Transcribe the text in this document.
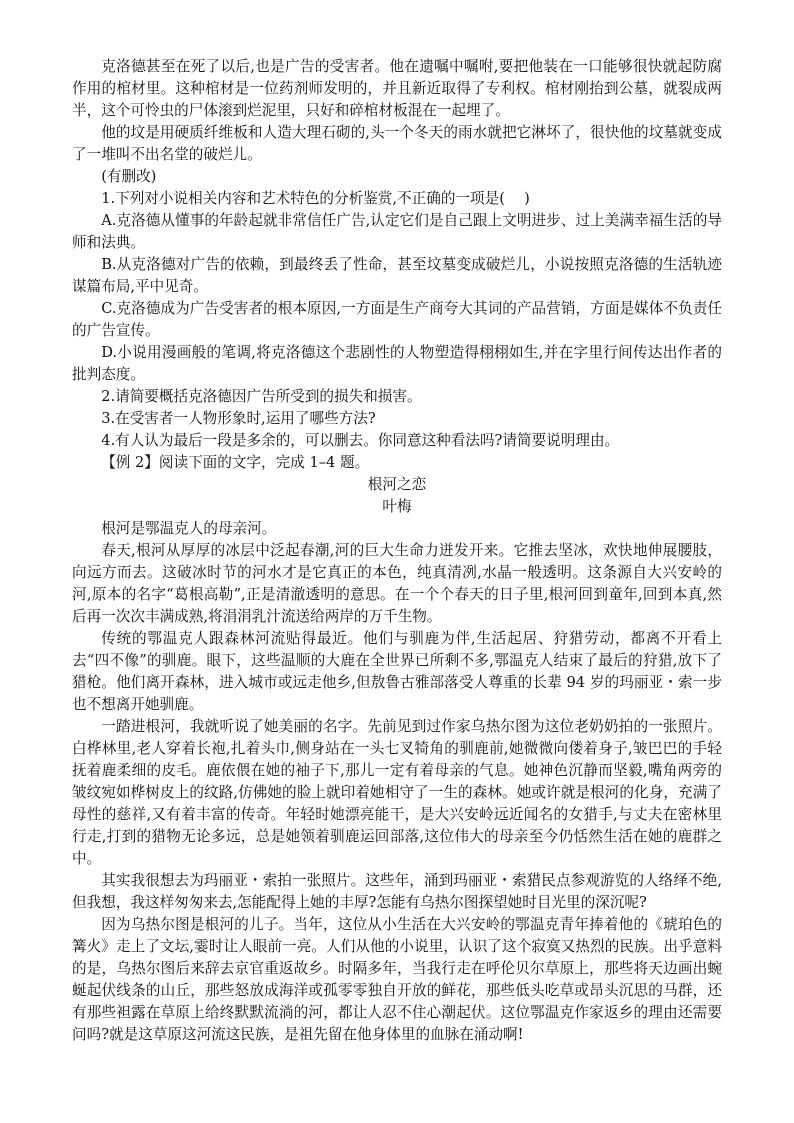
克洛德甚至在死了以后,也是广告的受害者。他在遗嘱中嘱咐,要把他装在一口能够很快就起防腐作用的棺材里。这种棺材是一位药剂师发明的，并且新近取得了专利权。棺材刚抬到公墓，就裂成两半，这个可怜虫的尸体滚到烂泥里，只好和碎棺材板混在一起埋了。

他的坟是用硬质纤维板和人造大理石砌的,头一个冬天的雨水就把它淋坏了，很快他的坟墓就变成了一堆叫不出名堂的破烂儿。

(有删改)

1.下列对小说相关内容和艺术特色的分析鉴赏,不正确的一项是(　 )

A.克洛德从懂事的年龄起就非常信任广告,认定它们是自己跟上文明进步、过上美满幸福生活的导师和法典。

B.从克洛德对广告的依赖，到最终丢了性命，甚至坟墓变成破烂儿，小说按照克洛德的生活轨迹谋篇布局,平中见奇。

C.克洛德成为广告受害者的根本原因,一方面是生产商夸大其词的产品营销，方面是媒体不负责任的广告宣传。

D.小说用漫画般的笔调,将克洛德这个悲剧性的人物塑造得栩栩如生,并在字里行间传达出作者的批判态度。

2.请简要概括克洛德因广告所受到的损失和损害。

3.在受害者一人物形象时,运用了哪些方法?

4.有人认为最后一段是多余的，可以删去。你同意这种看法吗?请简要说明理由。

【例 2】阅读下面的文字，完成 1–4 题。

根河之恋

叶梅

根河是鄂温克人的母亲河。

春天,根河从厚厚的冰层中泛起春潮,河的巨大生命力迸发开来。它推去坚冰，欢快地伸展腰肢，向远方而去。这破冰时节的河水才是它真正的本色，纯真清冽,水晶一般透明。这条源自大兴安岭的河,原本的名字“葛根高勒”,正是清澈透明的意思。在一个个春天的日子里,根河回到童年,回到本真,然后再一次次丰满成熟,将涓涓乳汁流送给两岸的万千生物。

传统的鄂温克人跟森林河流贴得最近。他们与驯鹿为伴,生活起居、狩猎劳动，都离不开看上去“四不像”的驯鹿。眼下，这些温顺的大鹿在全世界已所剩不多,鄂温克人结束了最后的狩猎,放下了猎枪。他们离开森林，进入城市或远走他乡,但敖鲁古雅部落受人尊重的长辈 94 岁的玛丽亚・索一步也不想离开她驯鹿。

一踏进根河，我就听说了她美丽的名字。先前见到过作家乌热尔图为这位老奶奶拍的一张照片。白桦林里,老人穿着长袍,扎着头巾,侧身站在一头七叉犄角的驯鹿前,她微微向偻着身子,皱巴巴的手轻抚着鹿柔细的皮毛。鹿依偎在她的袖子下,那儿一定有着母亲的气息。她神色沉静而坚毅,嘴角两旁的皱纹宛如桦树皮上的纹路,仿佛她的脸上就印着她相守了一生的森林。她或许就是根河的化身，充满了母性的慈祥,又有着丰富的传奇。年轻时她漂亮能干，是大兴安岭远近闻名的女猎手,与丈夫在密林里行走,打到的猎物无论多远，总是她领着驯鹿运回部落,这位伟大的母亲至今仍恬然生活在她的鹿群之中。

其实我很想去为玛丽亚・索拍一张照片。这些年，涌到玛丽亚・索猎民点参观游览的人络绎不绝,但我想，我这样匆匆来去,怎能配得上她的丰厚?怎能有乌热尔图探望她时目光里的深沉呢?

因为乌热尔图是根河的儿子。当年，这位从小生活在大兴安岭的鄂温克青年捧着他的《琥珀色的篝火》走上了文坛,霎时让人眼前一亮。人们从他的小说里，认识了这个寂寞又热烈的民族。出乎意料的是，乌热尔图后来辞去京官重返故乡。时隔多年，当我行走在呼伦贝尔草原上，那些将天边画出蜿蜒起伏线条的山丘，那些怒放成海洋或孤零零独自开放的鲜花，那些低头吃草或昂头沉思的马群，还有那些袒露在草原上给终默默流淌的河，都让人忍不住心潮起伏。这位鄂温克作家返乡的理由还需要问吗?就是这草原这河流这民族，是祖先留在他身体里的血脉在涌动啊!
